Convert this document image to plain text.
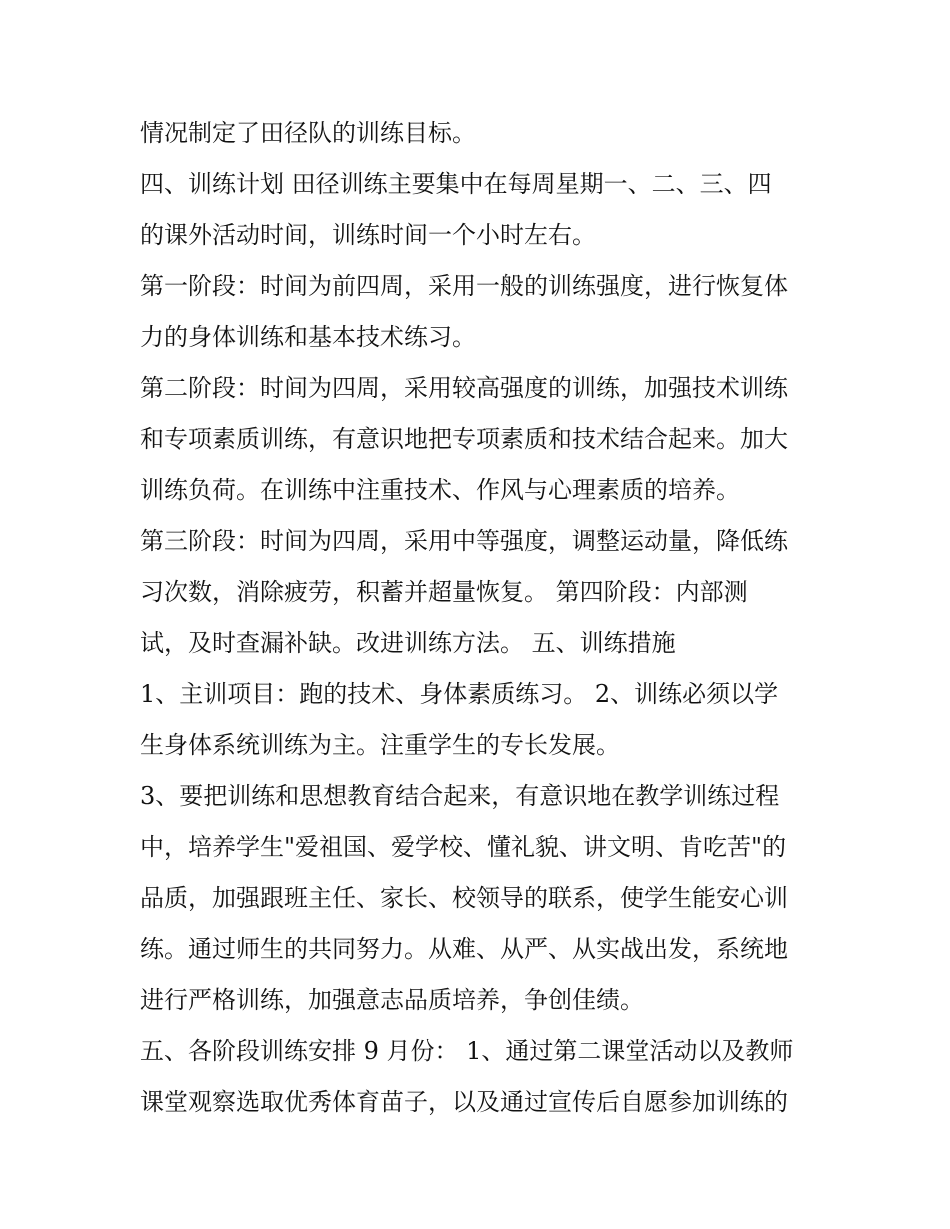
情况制定了田径队的训练目标。
四、训练计划 田径训练主要集中在每周星期一、二、三、四
的课外活动时间，训练时间一个小时左右。
第一阶段：时间为前四周，采用一般的训练强度，进行恢复体
力的身体训练和基本技术练习。
第二阶段：时间为四周，采用较高强度的训练，加强技术训练
和专项素质训练，有意识地把专项素质和技术结合起来。加大
训练负荷。在训练中注重技术、作风与心理素质的培养。
第三阶段：时间为四周，采用中等强度，调整运动量，降低练
习次数，消除疲劳，积蓄并超量恢复。 第四阶段：内部测
试，及时查漏补缺。改进训练方法。 五、训练措施
1、主训项目：跑的技术、身体素质练习。 2、训练必须以学
生身体系统训练为主。注重学生的专长发展。
3、要把训练和思想教育结合起来，有意识地在教学训练过程
中，培养学生"爱祖国、爱学校、懂礼貌、讲文明、肯吃苦"的
品质，加强跟班主任、家长、校领导的联系，使学生能安心训
练。通过师生的共同努力。从难、从严、从实战出发，系统地
进行严格训练，加强意志品质培养，争创佳绩。
五、各阶段训练安排 9 月份： 1、通过第二课堂活动以及教师
课堂观察选取优秀体育苗子，以及通过宣传后自愿参加训练的
